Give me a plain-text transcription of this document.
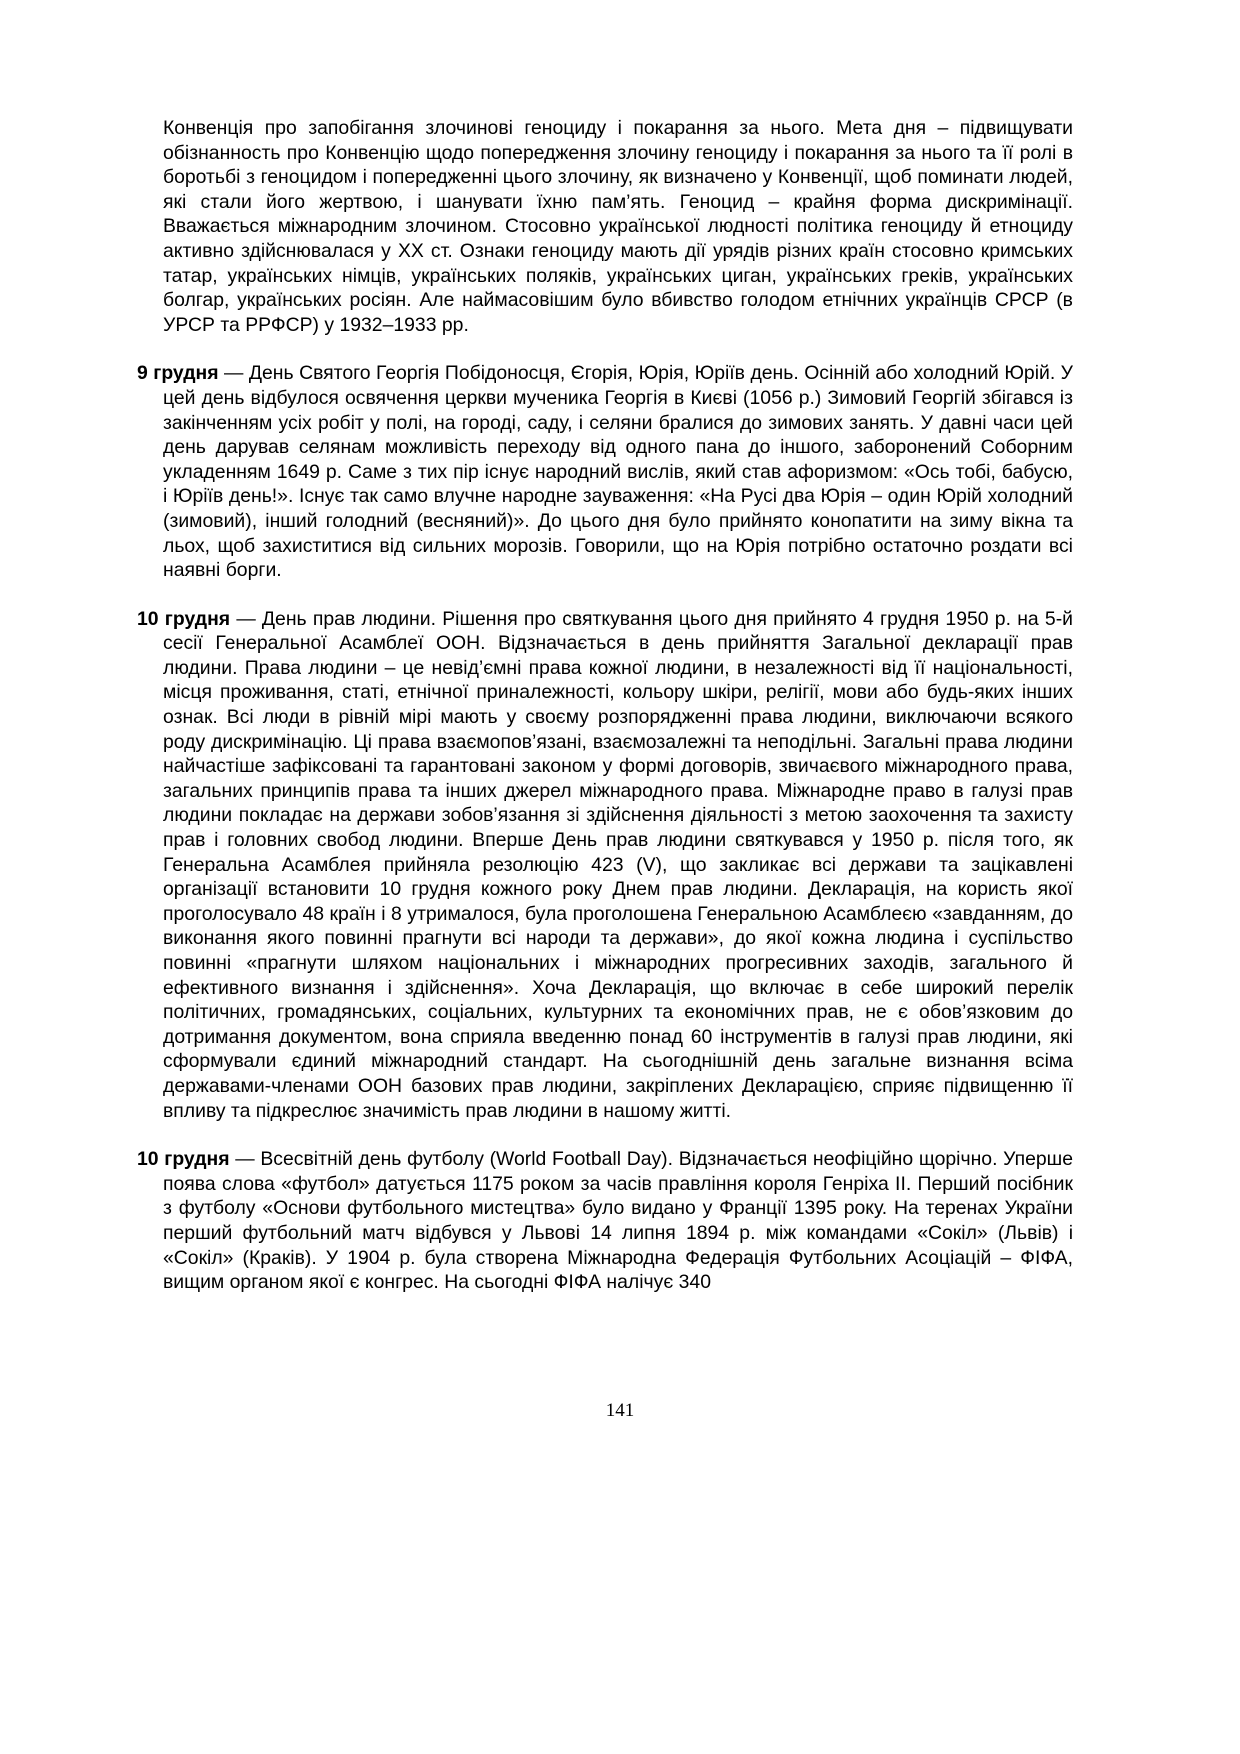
Конвенція про запобігання злочинові геноциду і покарання за нього. Мета дня – підвищувати обізнанность про Конвенцію щодо попередження злочину геноциду і покарання за нього та її ролі в боротьбі з геноцидом і попередженні цього злочину, як визначено у Конвенції, щоб поминати людей, які стали його жертвою, і шанувати їхню пам’ять. Геноцид – крайня форма дискримінації. Вважається міжнародним злочином. Стосовно української людності політика геноциду й етноциду активно здійснювалася у ХХ ст. Ознаки геноциду мають дії урядів різних країн стосовно кримських татар, українських німців, українських поляків, українських циган, українських греків, українських болгар, українських росіян. Але наймасовішим було вбивство голодом етнічних українців СРСР (в УРСР та РРФСР) у 1932–1933 рр.

9 грудня — День Святого Георгія Побідоносця, Єгорія, Юрія, Юріїв день. Осінній або холодний Юрій. У цей день відбулося освячення церкви мученика Георгія в Києві (1056 р.) Зимовий Георгій збігався із закінченням усіх робіт у полі, на городі, саду, і селяни бралися до зимових занять. У давні часи цей день дарував селянам можливість переходу від одного пана до іншого, заборонений Соборним укладенням 1649 р. Саме з тих пір існує народний вислів, який став афоризмом: «Ось тобі, бабусю, і Юріїв день!». Існує так само влучне народне зауваження: «На Русі два Юрія – один Юрій холодний (зимовий), інший голодний (весняний)». До цього дня було прийнято конопатити на зиму вікна та льох, щоб захиститися від сильних морозів. Говорили, що на Юрія потрібно остаточно роздати всі наявні борги.

10 грудня — День прав людини. Рішення про святкування цього дня прийнято 4 грудня 1950 р. на 5-й сесії Генеральної Асамблеї ООН. Відзначається в день прийняття Загальної декларації прав людини. Права людини – це невід’ємні права кожної людини, в незалежності від її національності, місця проживання, статі, етнічної приналежності, кольору шкіри, релігії, мови або будь-яких інших ознак. Всі люди в рівній мірі мають у своєму розпорядженні права людини, виключаючи всякого роду дискримінацію. Ці права взаємопов’язані, взаємозалежні та неподільні. Загальні права людини найчастіше зафіксовані та гарантовані законом у формі договорів, звичаєвого міжнародного права, загальних принципів права та інших джерел міжнародного права. Міжнародне право в галузі прав людини покладає на держави зобов’язання зі здійснення діяльності з метою заохочення та захисту прав і головних свобод людини. Вперше День прав людини святкувався у 1950 р. після того, як Генеральна Асамблея прийняла резолюцію 423 (V), що закликає всі держави та зацікавлені організації встановити 10 грудня кожного року Днем прав людини. Декларація, на користь якої проголосувало 48 країн і 8 утрималося, була проголошена Генеральною Асамблеєю «завданням, до виконання якого повинні прагнути всі народи та держави», до якої кожна людина і суспільство повинні «прагнути шляхом національних і міжнародних прогресивних заходів, загального й ефективного визнання і здійснення». Хоча Декларація, що включає в себе широкий перелік політичних, громадянських, соціальних, культурних та економічних прав, не є обов’язковим до дотримання документом, вона сприяла введенню понад 60 інструментів в галузі прав людини, які сформували єдиний міжнародний стандарт. На сьогоднішній день загальне визнання всіма державами-членами ООН базових прав людини, закріплених Декларацією, сприяє підвищенню її впливу та підкреслює значимість прав людини в нашому житті.

10 грудня — Всесвітній день футболу (World Football Day). Відзначається неофіційно щорічно. Уперше поява слова «футбол» датується 1175 роком за часів правління короля Генріха ІІ. Перший посібник з футболу «Основи футбольного мистецтва» було видано у Франції 1395 року. На теренах України перший футбольний матч відбувся у Львові 14 липня 1894 р. між командами «Сокіл» (Львів) і «Сокіл» (Краків). У 1904 р. була створена Міжнародна Федерація Футбольних Асоціацій – ФІФА, вищим органом якої є конгрес. На сьогодні ФІФА налічує 340

141
